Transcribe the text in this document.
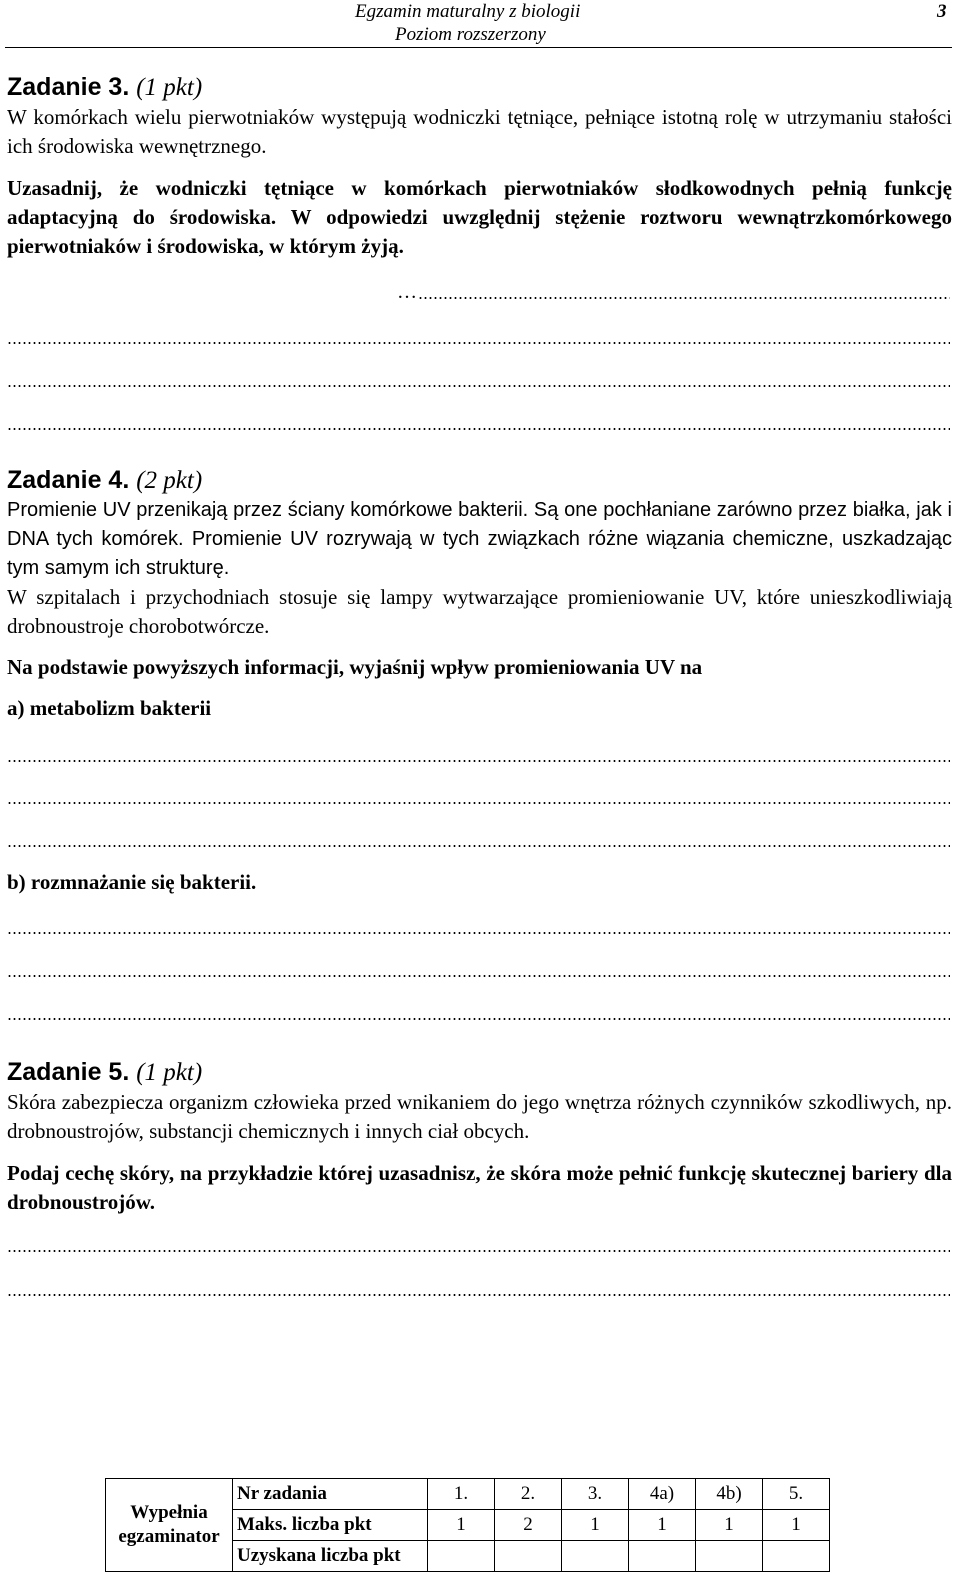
Egzamin maturalny z biologii
Poziom rozszerzony
3
Zadanie 3. (1 pkt)

W komórkach wielu pierwotniaków występują wodniczki tętniące, pełniące istotną rolę w utrzymaniu stałości ich środowiska wewnętrznego.

Uzasadnij, że wodniczki tętniące w komórkach pierwotniaków słodkowodnych pełnią funkcję adaptacyjną do środowiska. W odpowiedzi uwzględnij stężenie roztworu wewnątrzkomórkowego pierwotniaków i środowiska, w którym żyją.

…
Zadanie 4. (2 pkt)

Promienie UV przenikają przez ściany komórkowe bakterii. Są one pochłaniane zarówno przez białka, jak i DNA tych komórek. Promienie UV rozrywają w tych związkach różne wiązania chemiczne, uszkadzając tym samym ich strukturę.

W szpitalach i przychodniach stosuje się lampy wytwarzające promieniowanie UV, które unieszkodliwiają drobnoustroje chorobotwórcze.

Na podstawie powyższych informacji, wyjaśnij wpływ promieniowania UV na

a) metabolizm bakterii

b) rozmnażanie się bakterii.

Zadanie 5. (1 pkt)

Skóra zabezpiecza organizm człowieka przed wnikaniem do jego wnętrza różnych czynników szkodliwych, np. drobnoustrojów, substancji chemicznych i innych ciał obcych.

Podaj cechę skóry, na przykładzie której uzasadnisz, że skóra może pełnić funkcję skutecznej bariery dla drobnoustrojów.

Wypełnia
egzaminator	Nr zadania	1.	2.	3.	4a)	4b)	5.
	Maks. liczba pkt	1	2	1	1	1	1
	Uzyskana liczba pkt						
